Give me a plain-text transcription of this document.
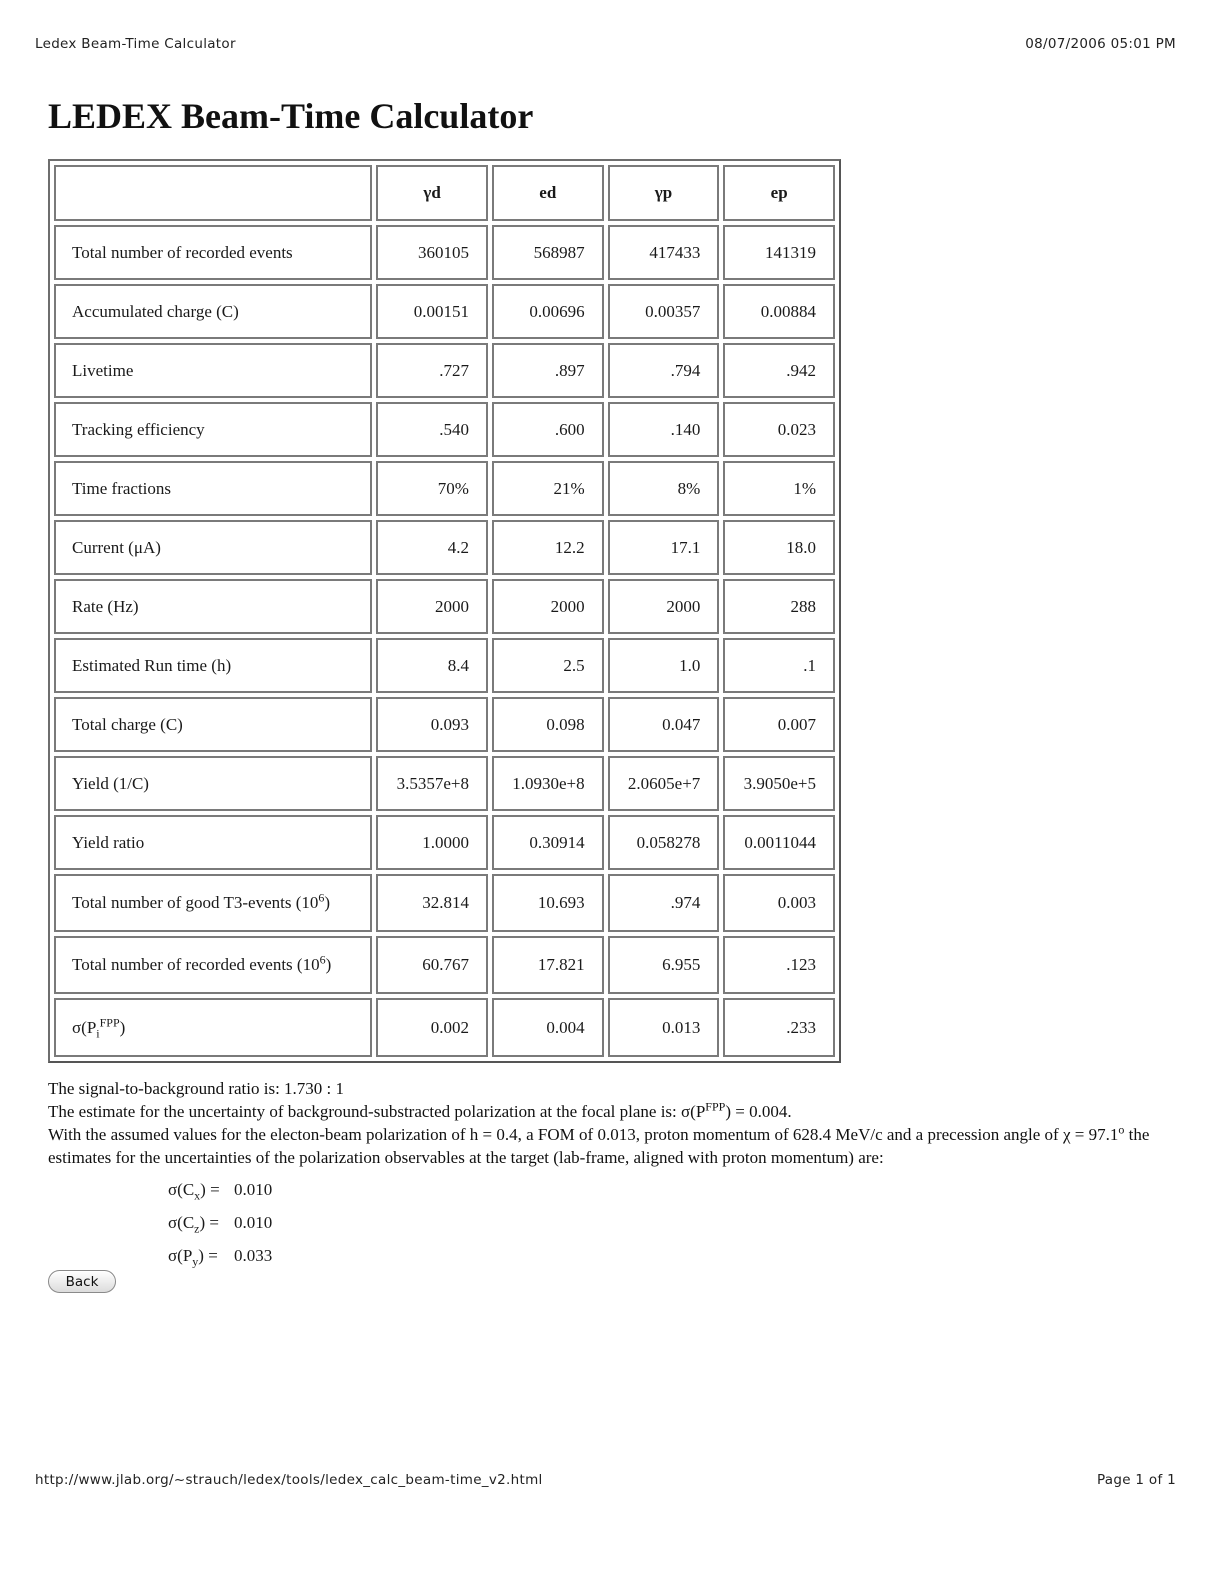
Ledex Beam-Time Calculator	08/07/2006 05:01 PM
LEDEX Beam-Time Calculator
	γd	ed	γp	ep
Total number of recorded events	360105	568987	417433	141319
Accumulated charge (C)	0.00151	0.00696	0.00357	0.00884
Livetime	.727	.897	.794	.942
Tracking efficiency	.540	.600	.140	0.023
Time fractions	70%	21%	8%	1%
Current (μA)	4.2	12.2	17.1	18.0
Rate (Hz)	2000	2000	2000	288
Estimated Run time (h)	8.4	2.5	1.0	.1
Total charge (C)	0.093	0.098	0.047	0.007
Yield (1/C)	3.5357e+8	1.0930e+8	2.0605e+7	3.9050e+5
Yield ratio	1.0000	0.30914	0.058278	0.0011044
Total number of good T3-events $(10^6)$	32.814	10.693	.974	0.003
Total number of recorded events $(10^6)$	60.767	17.821	6.955	.123
$\sigma(P_i^{FPP})$	0.002	0.004	0.013	.233

The signal-to-background ratio is: 1.730 : 1

The estimate for the uncertainty of background-substracted polarization at the focal plane is: $\sigma(P^{FPP}) = 0.004$.

With the assumed values for the electon-beam polarization of h = 0.4, a FOM of 0.013, proton momentum of 628.4 MeV/c and a precession angle of $\chi = 97.1^o$ the estimates for the uncertainties of the polarization observables at the target (lab-frame, aligned with proton momentum) are:

$\sigma(C_x) = 0.010$
$\sigma(C_z) = 0.010$
$\sigma(P_y) = 0.033$
Back
http://www.jlab.org/~strauch/ledex/tools/ledex_calc_beam-time_v2.html	Page 1 of 1
